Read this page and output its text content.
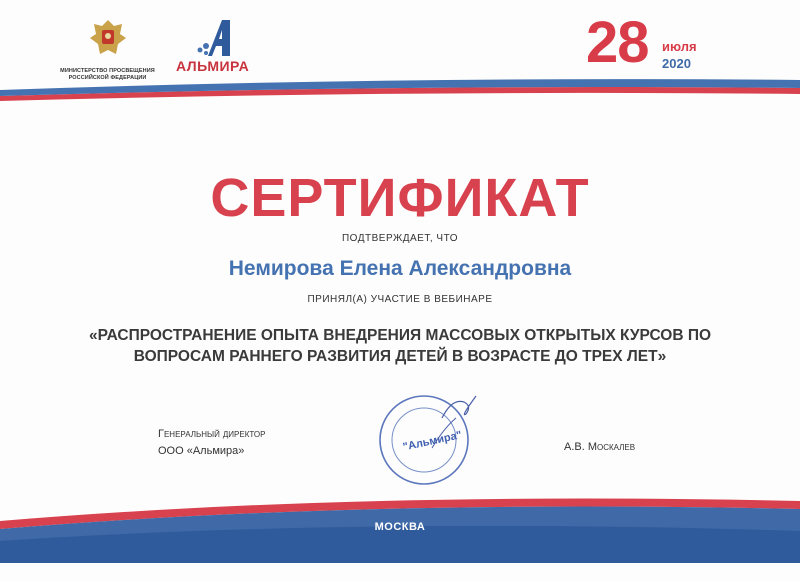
МИНИСТЕРСТВО ПРОСВЕЩЕНИЯ
РОССИЙСКОЙ ФЕДЕРАЦИИ
АЛЬМИРА	28 июля
2020
СЕРТИФИКАТ
ПОДТВЕРЖДАЕТ, ЧТО
Немирова Елена Александровна
ПРИНЯЛ(А) УЧАСТИЕ В ВЕБИНАРЕ
«РАСПРОСТРАНЕНИЕ ОПЫТА ВНЕДРЕНИЯ МАССОВЫХ ОТКРЫТЫХ КУРСОВ ПО
ВОПРОСАМ РАННЕГО РАЗВИТИЯ ДЕТЕЙ В ВОЗРАСТЕ ДО ТРЕХ ЛЕТ»
Генеральный директор
ООО «Альмира»	А.В. Москалев
"Альмира"
МОСКВА
